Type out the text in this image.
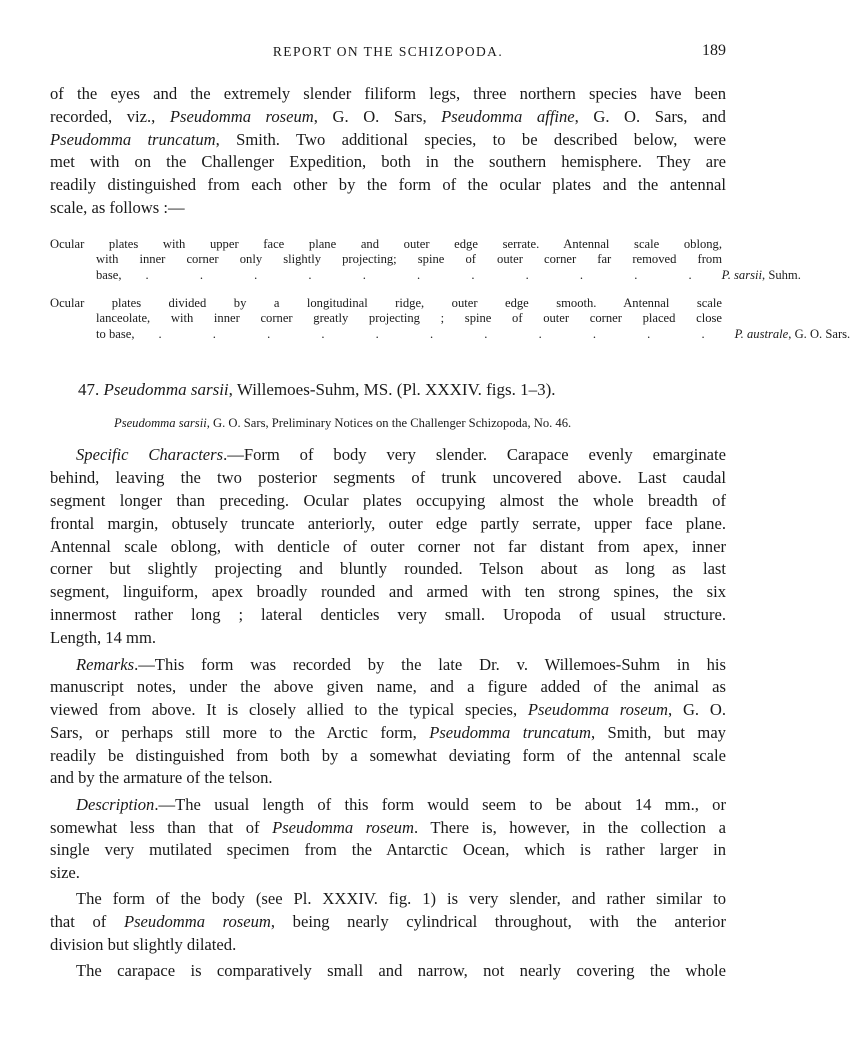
REPORT ON THE SCHIZOPODA.	189
of the eyes and the extremely slender filiform legs, three northern species have been
recorded, viz., Pseudomma roseum, G. O. Sars, Pseudomma affine, G. O. Sars, and
Pseudomma truncatum, Smith. Two additional species, to be described below, were
met with on the Challenger Expedition, both in the southern hemisphere. They are
readily distinguished from each other by the form of the ocular plates and the antennal
scale, as follows :—
Ocular plates with upper face plane and outer edge serrate. Antennal scale oblong,
with inner corner only slightly projecting; spine of outer corner far removed from
base,	. . . . . . . . . . . P. sarsii, Suhm.
Ocular plates divided by a longitudinal ridge, outer edge smooth. Antennal scale
lanceolate, with inner corner greatly projecting ; spine of outer corner placed close
to base,	. . . . . . . . . . . P. australe, G. O. Sars.
47. Pseudomma sarsii, Willemoes-Suhm, MS. (Pl. XXXIV. figs. 1–3).
Pseudomma sarsii, G. O. Sars, Preliminary Notices on the Challenger Schizopoda, No. 46.
Specific Characters.—Form of body very slender. Carapace evenly emarginate
behind, leaving the two posterior segments of trunk uncovered above. Last caudal
segment longer than preceding. Ocular plates occupying almost the whole breadth of
frontal margin, obtusely truncate anteriorly, outer edge partly serrate, upper face plane.
Antennal scale oblong, with denticle of outer corner not far distant from apex, inner
corner but slightly projecting and bluntly rounded. Telson about as long as last
segment, linguiform, apex broadly rounded and armed with ten strong spines, the six
innermost rather long ; lateral denticles very small. Uropoda of usual structure.
Length, 14 mm.
Remarks.—This form was recorded by the late Dr. v. Willemoes-Suhm in his
manuscript notes, under the above given name, and a figure added of the animal as
viewed from above. It is closely allied to the typical species, Pseudomma roseum, G. O.
Sars, or perhaps still more to the Arctic form, Pseudomma truncatum, Smith, but may
readily be distinguished from both by a somewhat deviating form of the antennal scale
and by the armature of the telson.
Description.—The usual length of this form would seem to be about 14 mm., or
somewhat less than that of Pseudomma roseum. There is, however, in the collection a
single very mutilated specimen from the Antarctic Ocean, which is rather larger in
size.
The form of the body (see Pl. XXXIV. fig. 1) is very slender, and rather similar to
that of Pseudomma roseum, being nearly cylindrical throughout, with the anterior
division but slightly dilated.
The carapace is comparatively small and narrow, not nearly covering the whole
